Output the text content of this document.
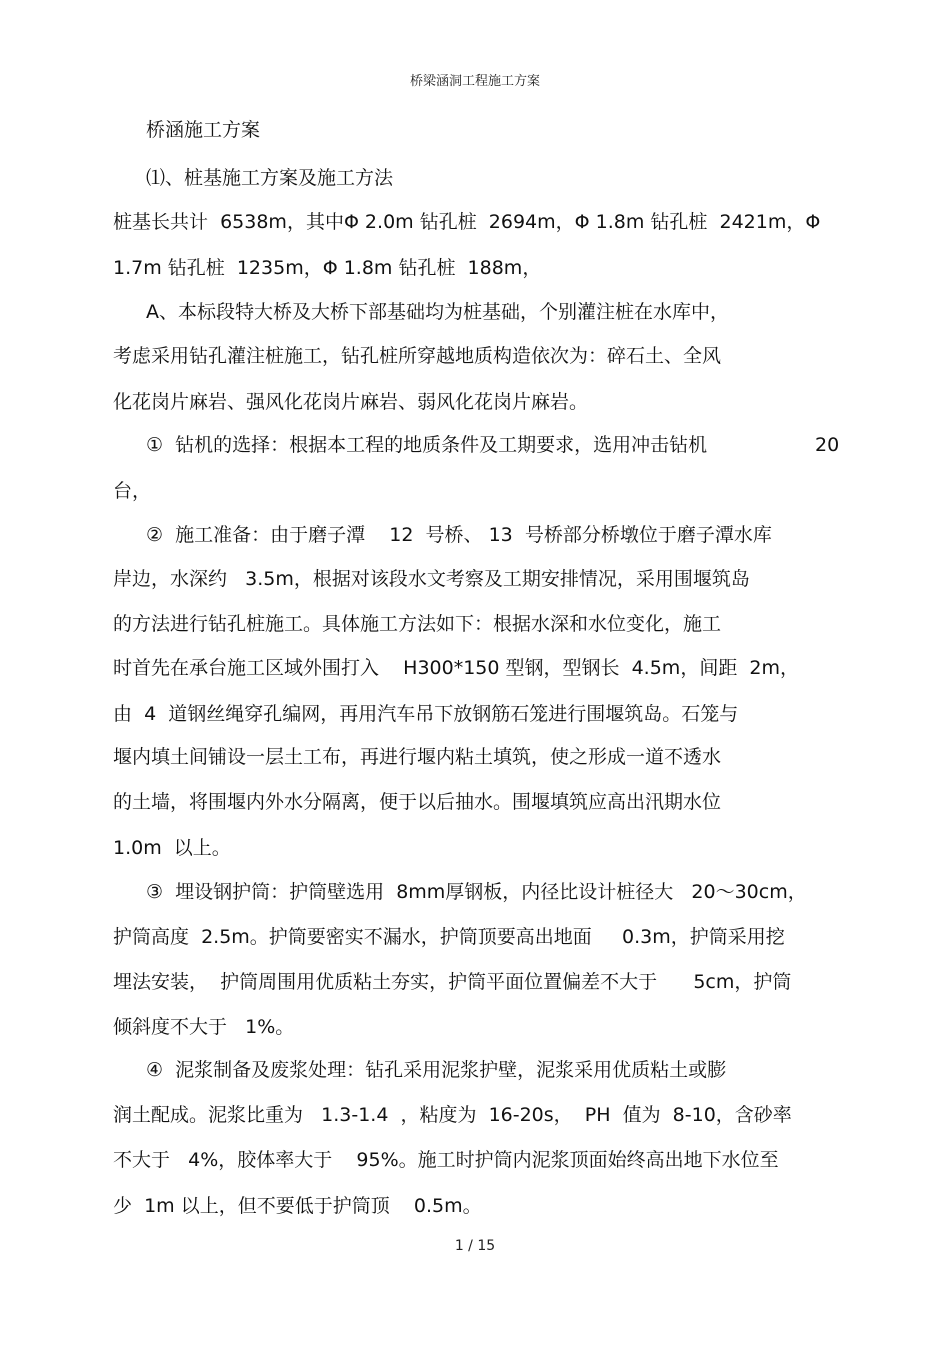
桥梁涵洞工程施工方案
桥涵施工方案
⑴、桩基施工方案及施工方法
桩基长共计  6538m，其中Φ 2.0m 钻孔桩  2694m，Φ 1.8m 钻孔桩  2421m，Φ
1.7m 钻孔桩  1235m，Φ 1.8m 钻孔桩  188m，
A、本标段特大桥及大桥下部基础均为桩基础，个别灌注桩在水库中，
考虑采用钻孔灌注桩施工，钻孔桩所穿越地质构造依次为：碎石土、全风
化花岗片麻岩、强风化花岗片麻岩、弱风化花岗片麻岩。
①  钻机的选择：根据本工程的地质条件及工期要求，选用冲击钻机	20
台，
②  施工准备：由于磨子潭    12  号桥、 13  号桥部分桥墩位于磨子潭水库
岸边，水深约   3.5m，根据对该段水文考察及工期安排情况，采用围堰筑岛
的方法进行钻孔桩施工。具体施工方法如下：根据水深和水位变化，施工
时首先在承台施工区域外围打入    H300*150 型钢，型钢长  4.5m，间距  2m，
由  4  道钢丝绳穿孔编网，再用汽车吊下放钢筋石笼进行围堰筑岛。石笼与
堰内填土间铺设一层土工布，再进行堰内粘土填筑，使之形成一道不透水
的土墙，将围堰内外水分隔离，便于以后抽水。围堰填筑应高出汛期水位
1.0m  以上。
③  埋设钢护筒：护筒壁选用  8mm厚钢板，内径比设计桩径大   20～30cm，
护筒高度  2.5m。护筒要密实不漏水，护筒顶要高出地面     0.3m，护筒采用挖
埋法安装，  护筒周围用优质粘土夯实，护筒平面位置偏差不大于      5cm，护筒
倾斜度不大于   1%。
④  泥浆制备及废浆处理：钻孔采用泥浆护壁，泥浆采用优质粘土或膨
润土配成。泥浆比重为   1.3-1.4  ，粘度为  16-20s，  PH  值为  8-10，含砂率
不大于   4%，胶体率大于    95%。施工时护筒内泥浆顶面始终高出地下水位至
少  1m 以上，但不要低于护筒顶    0.5m。
1 / 15
